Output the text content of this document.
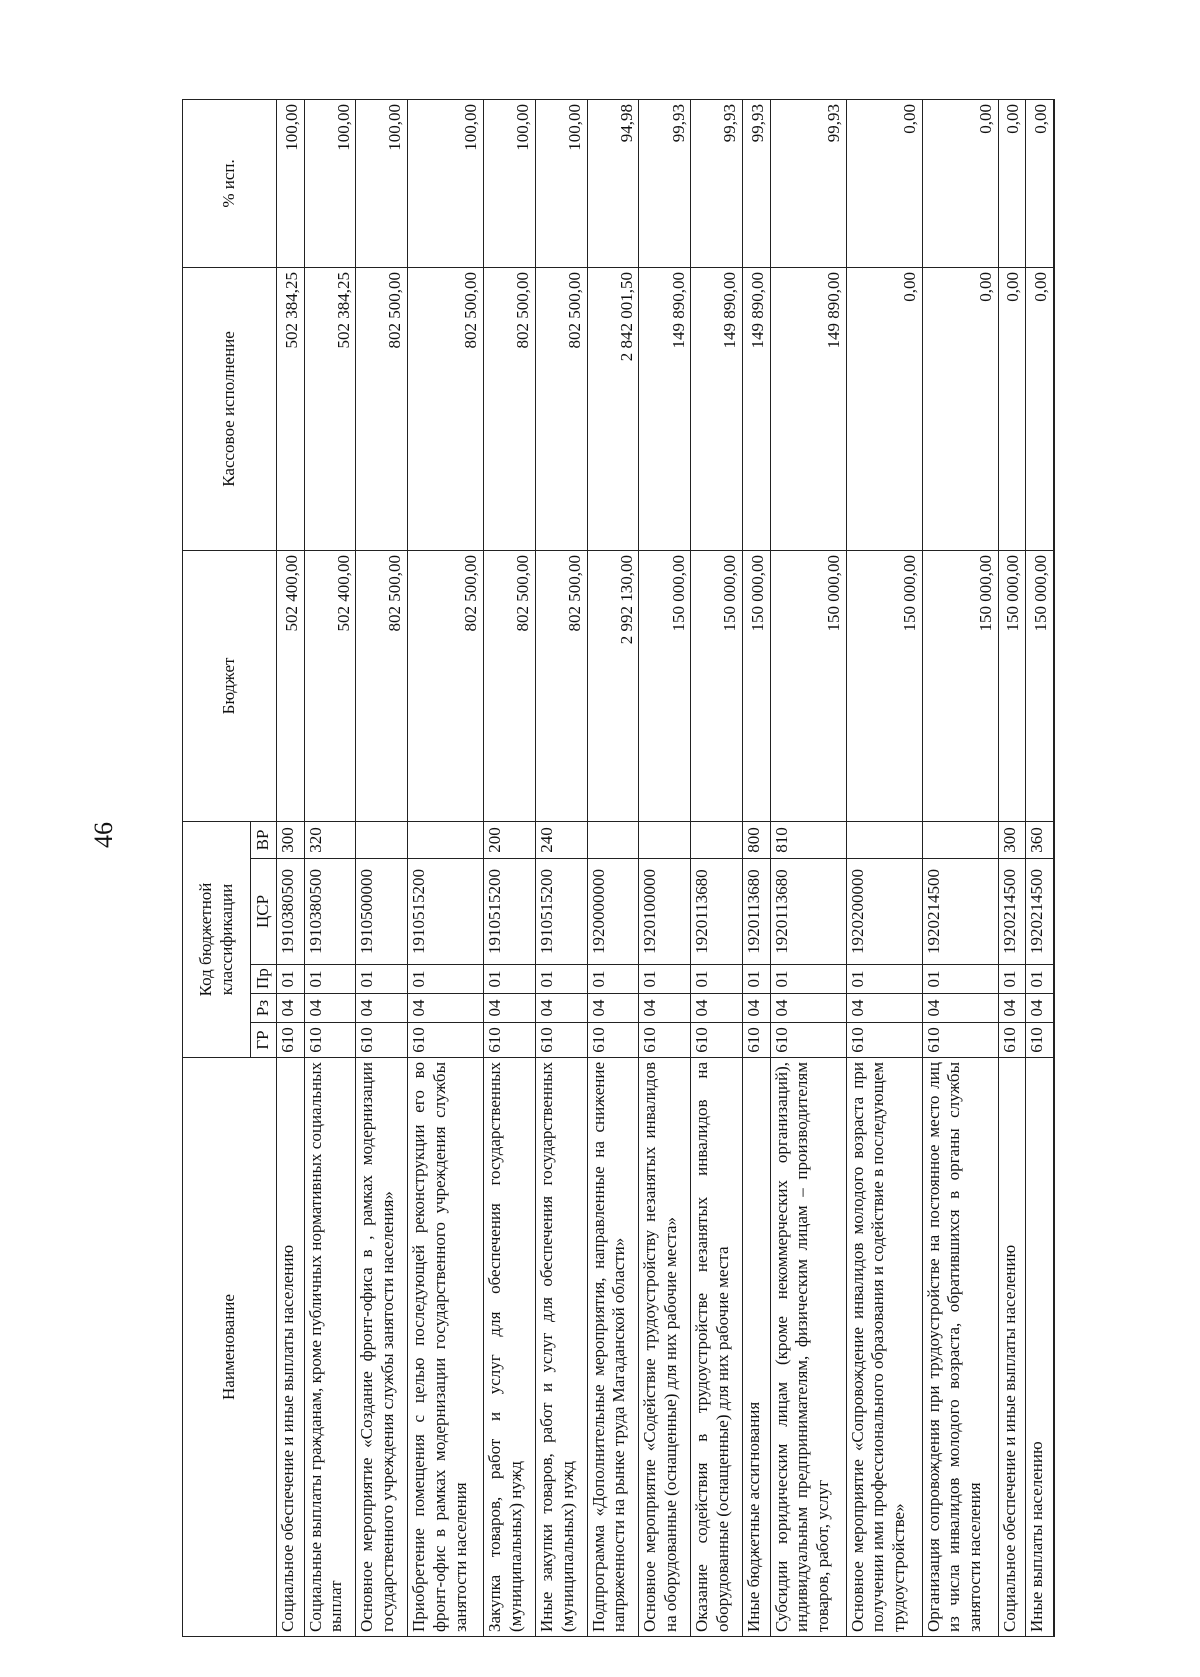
46
Наименование	Код бюджетной классификации					Бюджет	Кассовое исполнение	% исп.
	ГР	Рз	Пр	ЦСР	ВР			
Социальное обеспечение и иные выплаты населению	610	04	01	1910380500	300	502 400,00	502 384,25	100,00
Социальные выплаты гражданам, кроме публичных нормативных социальных выплат	610	04	01	1910380500	320	502 400,00	502 384,25	100,00
Основное мероприятие «Создание фронт-офиса в , рамках модернизации государственного учреждения службы занятости населения»	610	04	01	1910500000		802 500,00	802 500,00	100,00
Приобретение помещения с целью последующей реконструкции его во фронт-офис в рамках модернизации государственного учреждения службы занятости населения	610	04	01	1910515200		802 500,00	802 500,00	100,00
Закупка товаров, работ и услуг для обеспечения государственных (муниципальных) нужд	610	04	01	1910515200	200	802 500,00	802 500,00	100,00
Иные закупки товаров, работ и услуг для обеспечения государственных (муниципальных) нужд	610	04	01	1910515200	240	802 500,00	802 500,00	100,00
Подпрограмма «Дополнительные мероприятия, направленные на снижение напряженности на рынке труда Магаданской области»	610	04	01	1920000000		2 992 130,00	2 842 001,50	94,98
Основное мероприятие «Содействие трудоустройству незанятых инвалидов на оборудованные (оснащенные) для них рабочие места»	610	04	01	1920100000		150 000,00	149 890,00	99,93
Оказание содействия в трудоустройстве незанятых инвалидов на оборудованные (оснащенные) для них рабочие места	610	04	01	1920113680		150 000,00	149 890,00	99,93
Иные бюджетные ассигнования	610	04	01	1920113680	800	150 000,00	149 890,00	99,93
Субсидии юридическим лицам (кроме некоммерческих организаций), индивидуальным предпринимателям, физическим лицам – производителям товаров, работ, услуг	610	04	01	1920113680	810	150 000,00	149 890,00	99,93
Основное мероприятие «Сопровождение инвалидов молодого возраста при получении ими профессионального образования и содействие в последующем трудоустройстве»	610	04	01	1920200000		150 000,00	0,00	0,00
Организация сопровождения при трудоустройстве на постоянное место лиц из числа инвалидов молодого возраста, обратившихся в органы службы занятости населения	610	04	01	1920214500		150 000,00	0,00	0,00
Социальное обеспечение и иные выплаты населению	610	04	01	1920214500	300	150 000,00	0,00	0,00
Иные выплаты населению	610	04	01	1920214500	360	150 000,00	0,00	0,00
